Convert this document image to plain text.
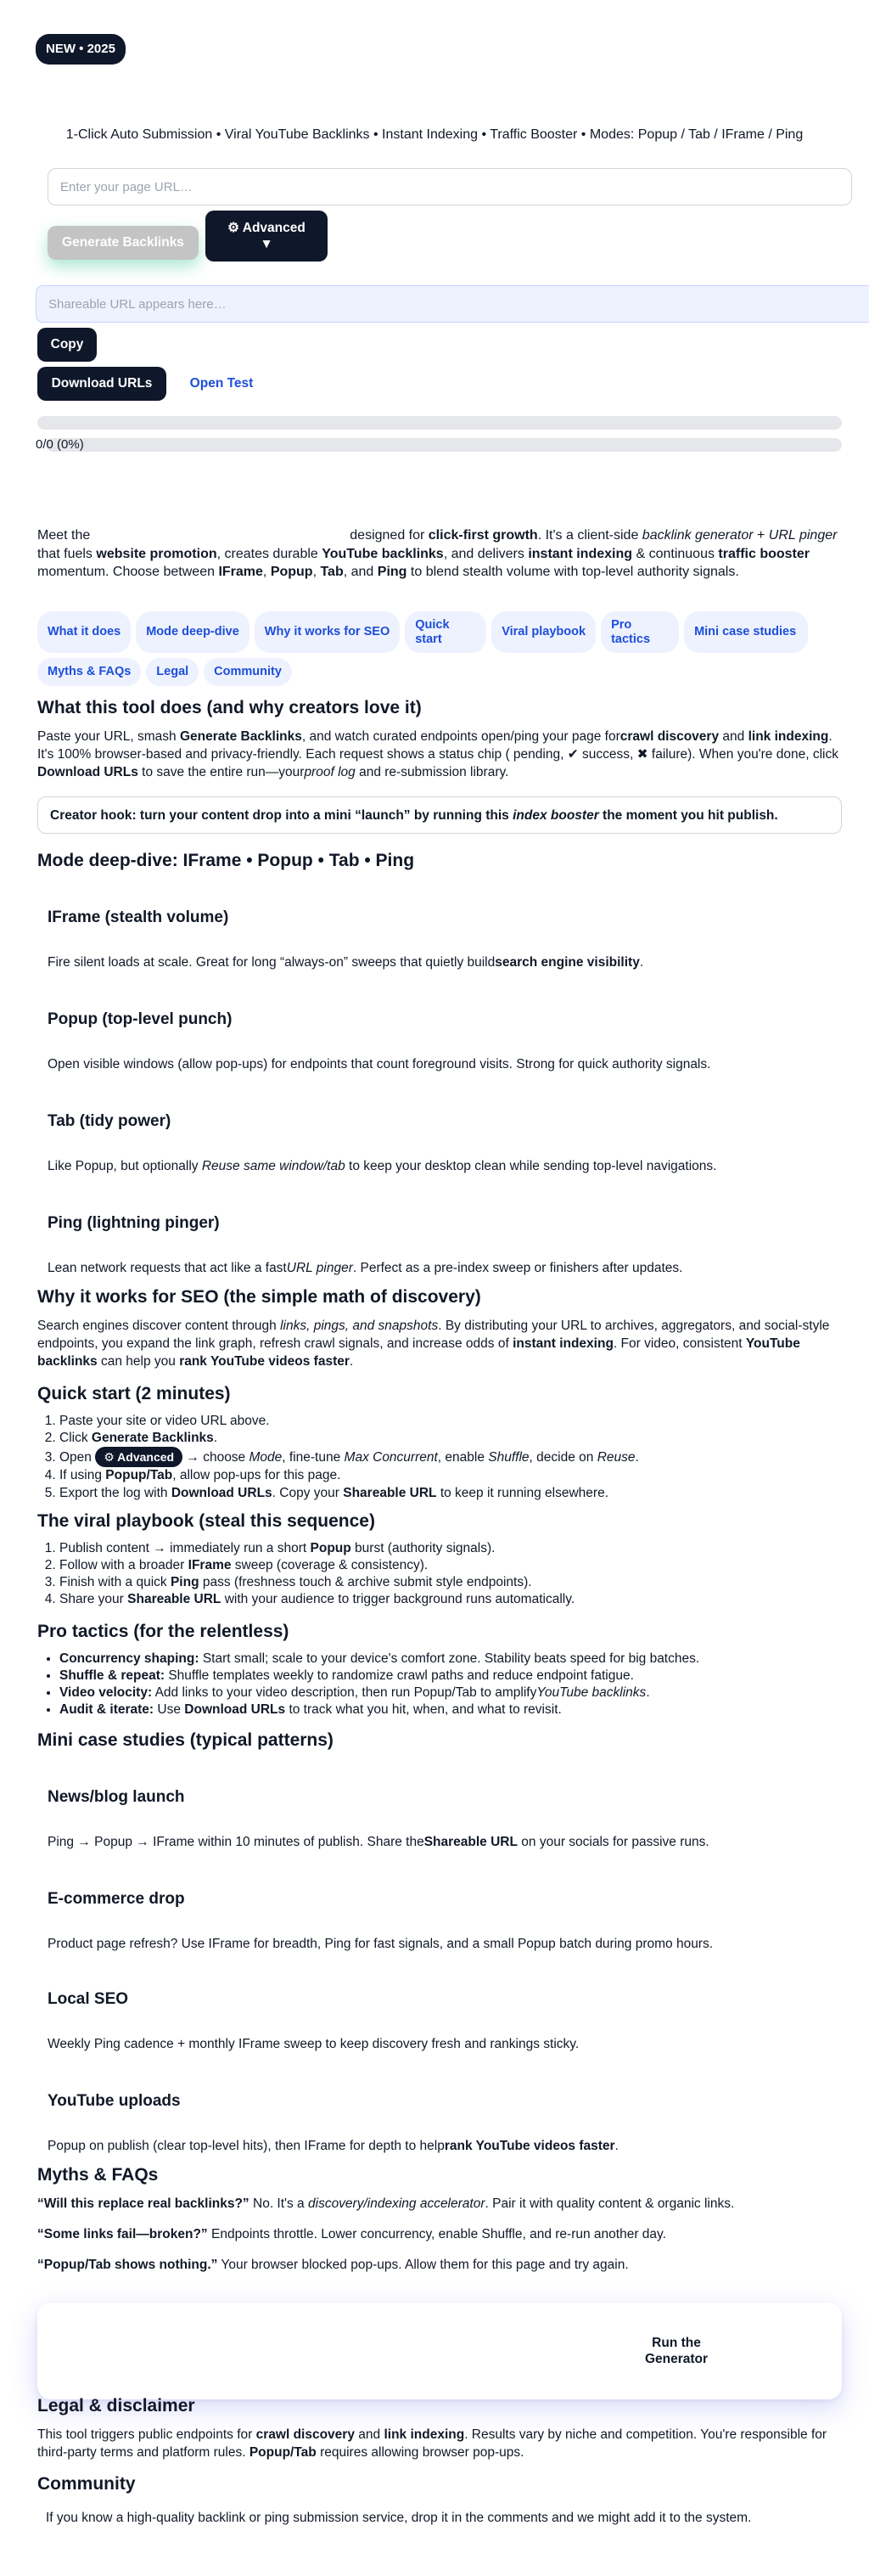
NEW • 2025
1-Click Auto Submission • Viral YouTube Backlinks • Instant Indexing • Traffic Booster • Modes: Popup / Tab / IFrame / Ping
Enter your page URL…
Generate Backlinks
⚙ Advanced
▼
Shareable URL appears here…
Copy
Download URLs	Open Test
0/0 (0%)
Meet the	designed for click-first growth. It's a client-side backlink generator + URL pinger that fuels website promotion, creates durable YouTube backlinks, and delivers instant indexing & continuous traffic booster momentum. Choose between IFrame, Popup, Tab, and Ping to blend stealth volume with top-level authority signals.
What it does	Mode deep-dive	Why it works for SEO
Quick start
Viral playbook
Pro tactics
Mini case studies
Myths & FAQs	Legal	Community
What this tool does (and why creators love it)

Paste your URL, smash Generate Backlinks, and watch curated endpoints open/ping your page forcrawl discovery and link indexing. It's 100% browser-based and privacy-friendly. Each request shows a status chip ( pending, ✔ success, ✖ failure). When you're done, click Download URLs to save the entire run—yourproof log and re-submission library.

Creator hook: turn your content drop into a mini “launch” by running this index booster the moment you hit publish.
Mode deep-dive: IFrame • Popup • Tab • Ping
IFrame (stealth volume)

Fire silent loads at scale. Great for long “always-on” sweeps that quietly buildsearch engine visibility.

Popup (top-level punch)

Open visible windows (allow pop-ups) for endpoints that count foreground visits. Strong for quick authority signals.

Tab (tidy power)

Like Popup, but optionally Reuse same window/tab to keep your desktop clean while sending top-level navigations.

Ping (lightning pinger)

Lean network requests that act like a fastURL pinger. Perfect as a pre-index sweep or finishers after updates.

Why it works for SEO (the simple math of discovery)

Search engines discover content through links, pings, and snapshots. By distributing your URL to archives, aggregators, and social-style endpoints, you expand the link graph, refresh crawl signals, and increase odds of instant indexing. For video, consistent YouTube backlinks can help you rank YouTube videos faster.

Quick start (2 minutes)
1. Paste your site or video URL above.
2. Click Generate Backlinks.
3. Open ⚙ Advanced → choose Mode, fine-tune Max Concurrent, enable Shuffle, decide on Reuse.
4. If using Popup/Tab, allow pop-ups for this page.
5. Export the log with Download URLs. Copy your Shareable URL to keep it running elsewhere.
The viral playbook (steal this sequence)
1. Publish content → immediately run a short Popup burst (authority signals).
2. Follow with a broader IFrame sweep (coverage & consistency).
3. Finish with a quick Ping pass (freshness touch & archive submit style endpoints).
4. Share your Shareable URL with your audience to trigger background runs automatically.
Pro tactics (for the relentless)
• Concurrency shaping: Start small; scale to your device's comfort zone. Stability beats speed for big batches.
• Shuffle & repeat: Shuffle templates weekly to randomize crawl paths and reduce endpoint fatigue.
• Video velocity: Add links to your video description, then run Popup/Tab to amplifyYouTube backlinks.
• Audit & iterate: Use Download URLs to track what you hit, when, and what to revisit.
Mini case studies (typical patterns)
News/blog launch

Ping → Popup → IFrame within 10 minutes of publish. Share theShareable URL on your socials for passive runs.

E-commerce drop

Product page refresh? Use IFrame for breadth, Ping for fast signals, and a small Popup batch during promo hours.

Local SEO

Weekly Ping cadence + monthly IFrame sweep to keep discovery fresh and rankings sticky.

YouTube uploads

Popup on publish (clear top-level hits), then IFrame for depth to helprank YouTube videos faster.

Myths & FAQs

“Will this replace real backlinks?” No. It's a discovery/indexing accelerator. Pair it with quality content & organic links.

“Some links fail—broken?” Endpoints throttle. Lower concurrency, enable Shuffle, and re-run another day.

“Popup/Tab shows nothing.” Your browser blocked pop-ups. Allow them for this page and try again.

Run the Generator
Legal & disclaimer

This tool triggers public endpoints for crawl discovery and link indexing. Results vary by niche and competition. You're responsible for third-party terms and platform rules. Popup/Tab requires allowing browser pop-ups.

Community

If you know a high-quality backlink or ping submission service, drop it in the comments and we might add it to the system.
